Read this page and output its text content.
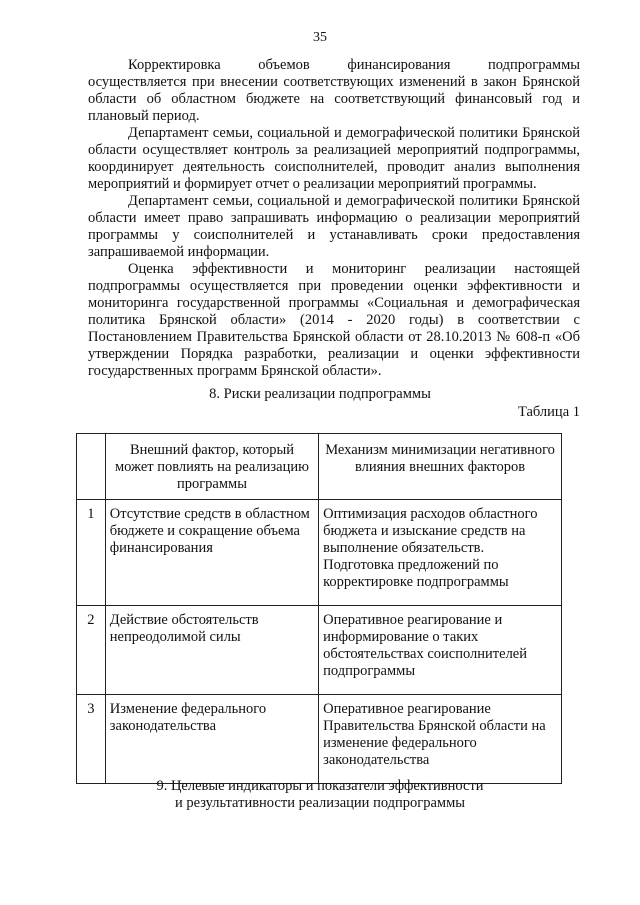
35

Корректировка объемов финансирования подпрограммы осуществляется при внесении соответствующих изменений в закон Брянской области об областном бюджете на соответствующий финансовый год и плановый период.

Департамент семьи, социальной и демографической политики Брянской области осуществляет контроль за реализацией мероприятий подпрограммы, координирует деятельность соисполнителей, проводит анализ выполнения мероприятий и формирует отчет о реализации мероприятий программы.

Департамент семьи, социальной и демографической политики Брянской области имеет право запрашивать информацию о реализации мероприятий программы у соисполнителей и устанавливать сроки предоставления запрашиваемой информации.

Оценка эффективности и мониторинг реализации настоящей подпрограммы осуществляется при проведении оценки эффективности и мониторинга государственной программы «Социальная и демографическая политика Брянской области» (2014 - 2020 годы) в соответствии с Постановлением Правительства Брянской области от 28.10.2013 № 608-п «Об утверждении Порядка разработки, реализации и оценки эффективности государственных программ Брянской области».

8. Риски реализации подпрограммы
Таблица 1
	Внешний фактор, который может повлиять на реализацию программы	Механизм минимизации негативного влияния внешних факторов
1	Отсутствие средств в областном бюджете и сокращение объема финансирования	Оптимизация расходов областного бюджета и изыскание средств на выполнение обязательств. Подготовка предложений по корректировке подпрограммы
2	Действие обстоятельств непреодолимой силы	Оперативное реагирование и информирование о таких обстоятельствах соисполнителей подпрограммы
3	Изменение федерального законодательства	Оперативное реагирование Правительства Брянской области на изменение федерального законодательства
9. Целевые индикаторы и показатели эффективности
и результативности реализации подпрограммы
